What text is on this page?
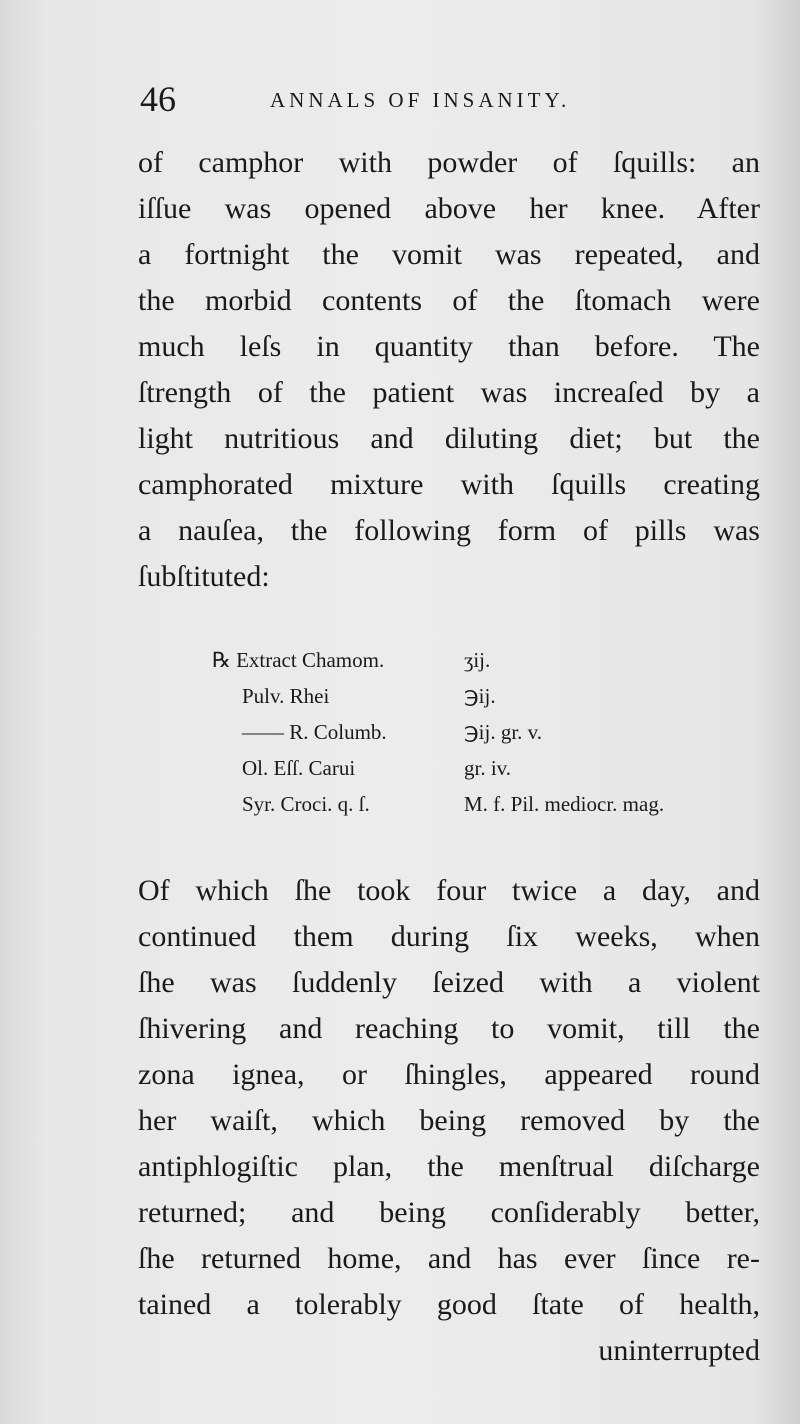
46	ANNALS OF INSANITY.
of camphor with powder of ſquills: an
iſſue was opened above her knee. After
a fortnight the vomit was repeated, and
the morbid contents of the ſtomach were
much leſs in quantity than before. The
ſtrength of the patient was increaſed by a
light nutritious and diluting diet; but the
camphorated mixture with ſquills creating
a nauſea, the following form of pills was
ſubſtituted:
℞ Extract Chamom.	ʒij.
Pulv. Rhei	℈ij.
—— R. Columb.	℈ij. gr. v.
Ol. Eſſ. Carui	gr. iv.
Syr. Croci. q. ſ.	M. f. Pil. mediocr. mag.
Of which ſhe took four twice a day, and
continued them during ſix weeks, when
ſhe was ſuddenly ſeized with a violent
ſhivering and reaching to vomit, till the
zona ignea, or ſhingles, appeared round
her waiſt, which being removed by the
antiphlogiſtic plan, the menſtrual diſcharge
returned; and being conſiderably better,
ſhe returned home, and has ever ſince re-
tained a tolerably good ſtate of health,
uninterrupted
